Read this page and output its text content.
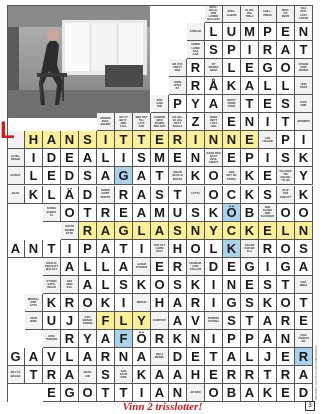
SPEL-
BILLE-
TER
LÄMNA
BALLAST
SPEL-
ALBUM
GLOR-
RIG
TREA
HOLL-
PREIS
SPET-
DÅ
BETR
SKÄ
UPP-
LÖST
LÅDOR
FÄRGAD L U M P E N
ADMIR
LENIN
SAX
GAR S P I R A T
ER ÖTA
SRETT
SMÅ R	VIT
MARKE
ARNA L E G O	FUMAR
SOM
ORDNA
ANDE
HITTA
PÅ R Å K A L L	HUN
TRAS
SÖD
GAM
TER P Y A	KRITIT
ORDN
VÄRD T E S	FLEX
ORD
MÖRDN
INGS-
GRUND
SKYLT
BETY-
DER
FÄLL
BER DET
TILL
LÄTT-
FÅR
ALBRÖD
MÖR
DANDE
MOLANT
AR HAL-
VA HÅL
RÅTT
SOLGA Z	ANEO
RETT
LÄST
HAR E N I T	SKINNER
H A N S I T T E R I N N E	LAN
LIGGAR P I
ALTEL-
SRAER I D E A L I S M E N	KANS DEN
BÄST
INTE
SÄNGT E P I S K
GUIDAT L E D S A G A T	INGAR
SKULLE
MÄKTA K O	GER
DET ÄR
STÖDA K E	TALADES
VID
MALMA
TÖ HÖ Y
BASA K L Ä D	BINDE
KORT
SORTIT R A S T	FÅTTA O C K S	KLIP
TAR
ÄRDLITT K
FANNS
BUNDA
TA O T R E A M U S K Ö B	SEN
SLÄNG
AND
KLOCKER O O
AVGJÖ
RANDE
BYTE R A G L A S N Y C K E L N
A N T I P A T I	VAR OLT
LARM
KSLT H O L K	VÄGAR
FÅR EN
FLA R O S
NOSLIG
DER SATT
MÅLSÄT A L L A	ALSER
FÖCKEN E R	MÄRKNA
GAR
FÅGLAR D E G I G A
STUDIO
SATN-
INGAR
SES
MED
KOL A L S K O S K I N E S T	GRÅ
BERA
MODELL
FINT
ÅTTA K R O K I	MEDUR H A R I G S K O T
UTHS
NING U J	KAN
BRÄNA
VÄRMA F L Y	FORPOST A V	PARDNE
ATUNNA S T A R E
HISK
TOREMA R Y A F Ö R K N I P P A N	KAN
VÄNDAS
EB
G A V L A R N A	SKILJ
MEDEL D E T A L J E R
ER TVÅ
BÄGGE T R A	KRAN
AIR S	SAN
KAUS
VIDE K A A H E R R T R A
E G O T T I A N	AR ENO O B A K E D
L
Vinn 2 trisslotter!	3
KRYSSET SÄTTS AV KRYSSMAKARNA
